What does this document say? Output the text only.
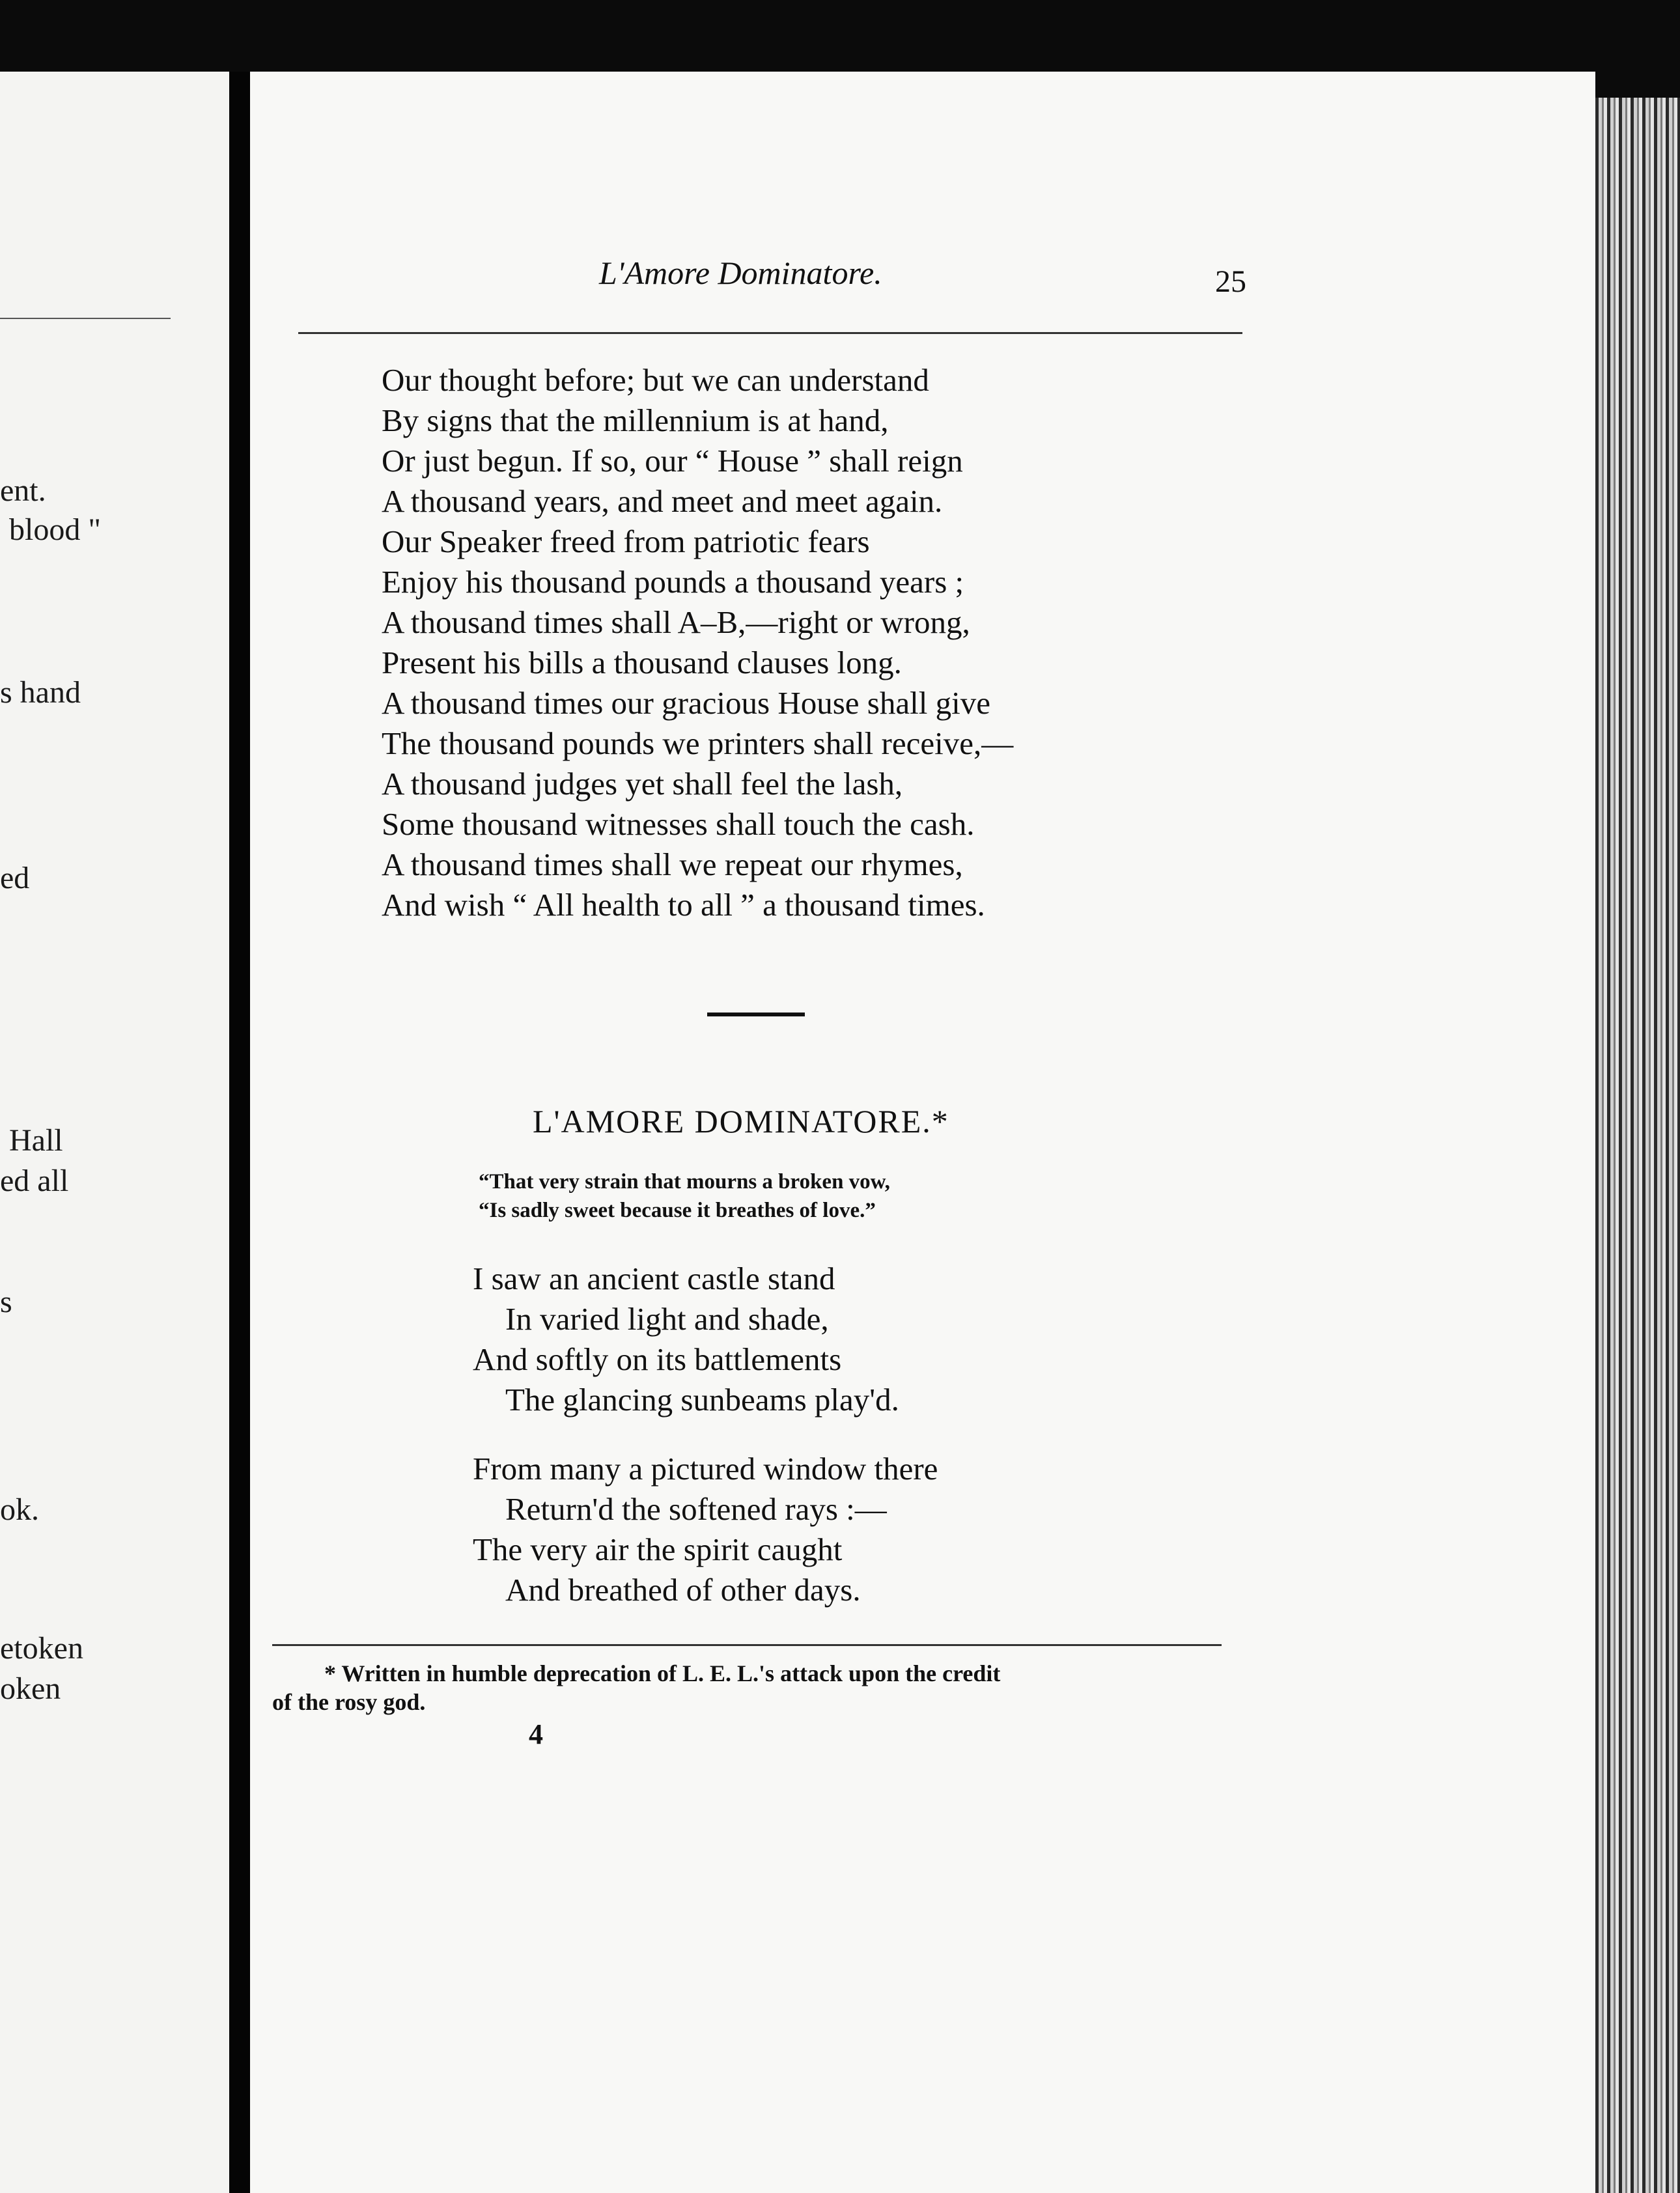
ent.
blood "
s hand
ed
Hall
ed all
s
ok.
etoken
oken
L'Amore Dominatore.	25
Our thought before; but we can understand
By signs that the millennium is at hand,
Or just begun. If so, our “ House ” shall reign
A thousand years, and meet and meet again.
Our Speaker freed from patriotic fears
Enjoy his thousand pounds a thousand years ;
A thousand times shall A–B,—right or wrong,
Present his bills a thousand clauses long.
A thousand times our gracious House shall give
The thousand pounds we printers shall receive,—
A thousand judges yet shall feel the lash,
Some thousand witnesses shall touch the cash.
A thousand times shall we repeat our rhymes,
And wish “ All health to all ” a thousand times.
L'AMORE DOMINATORE.*
“That very strain that mourns a broken vow,
“Is sadly sweet because it breathes of love.”
I saw an ancient castle stand
In varied light and shade,
And softly on its battlements
The glancing sunbeams play'd.
From many a pictured window there
Return'd the softened rays :—
The very air the spirit caught
And breathed of other days.
* Written in humble deprecation of L. E. L.'s attack upon the credit
of the rosy god.
4
